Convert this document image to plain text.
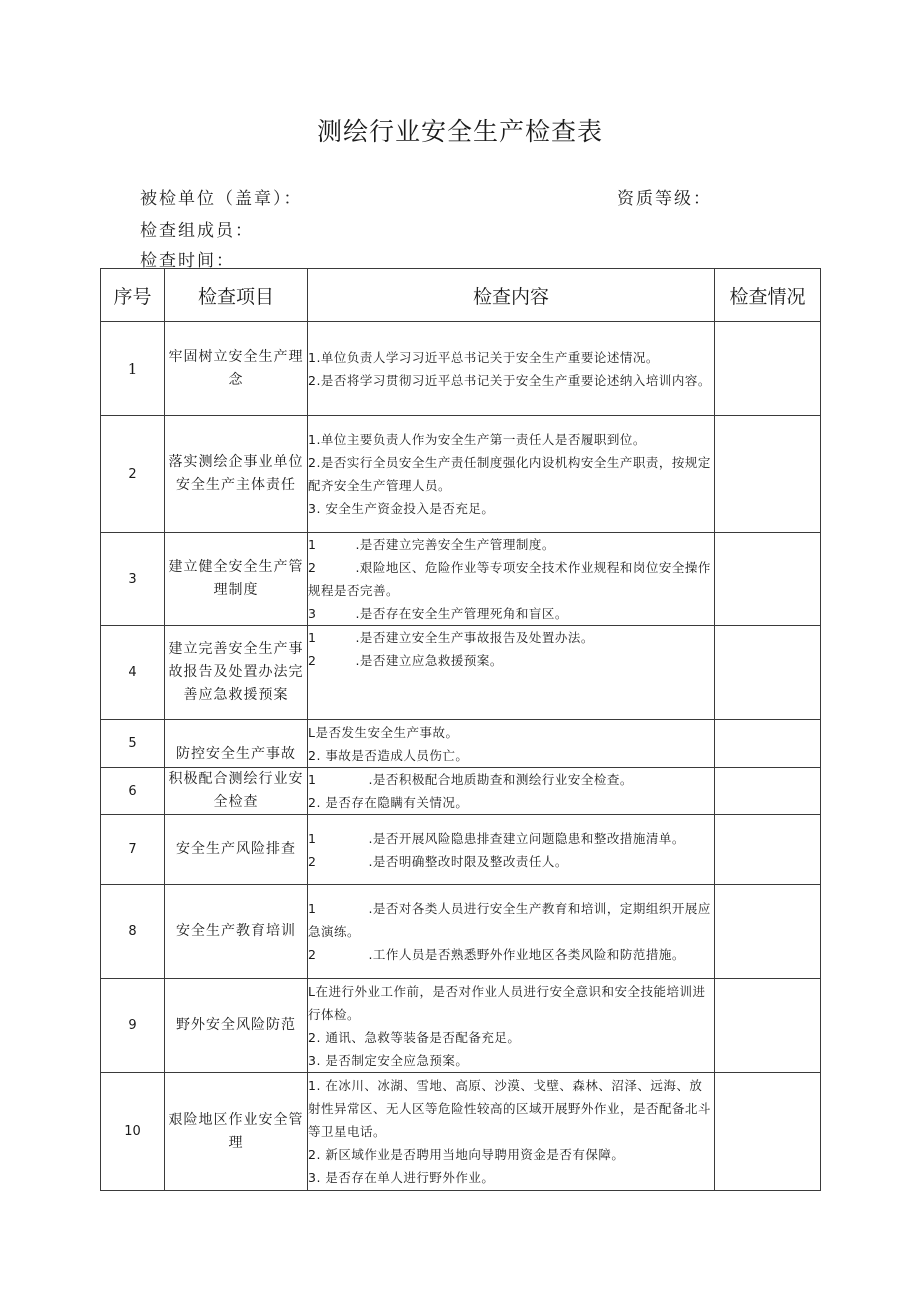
测绘行业安全生产检查表
被检单位（盖章）：	资质等级：
检查组成员：
检查时间：
序号	检查项目	检查内容	检查情况
1	牢固树立安全生产理念	1.单位负责人学习习近平总书记关于安全生产重要论述情况。
2.是否将学习贯彻习近平总书记关于安全生产重要论述纳入培训内容。	

2	落实测绘企事业单位安全生产主体责任	1.单位主要负责人作为安全生产第一责任人是否履职到位。
2.是否实行全员安全生产责任制度强化内设机构安全生产职责，按规定配齐安全生产管理人员。
3. 安全生产资金投入是否充足。	

3	建立健全安全生产管理制度	1　　　.是否建立完善安全生产管理制度。
2　　　.艰险地区、危险作业等专项安全技术作业规程和岗位安全操作规程是否完善。
3　　　.是否存在安全生产管理死角和盲区。	

4	建立完善安全生产事故报告及处置办法完善应急救援预案	1　　　.是否建立安全生产事故报告及处置办法。
2　　　.是否建立应急救援预案。	

5	防控安全生产事故	L是否发生安全生产事故。
2. 事故是否造成人员伤亡。	

6	积极配合测绘行业安全检查	1　　　　.是否积极配合地质勘查和测绘行业安全检查。
2. 是否存在隐瞒有关情况。	

7	安全生产风险排查	1　　　　.是否开展风险隐患排查建立问题隐患和整改措施清单。
2　　　　.是否明确整改时限及整改责任人。	

8	安全生产教育培训	1　　　　.是否对各类人员进行安全生产教育和培训，定期组织开展应急演练。
2　　　　.工作人员是否熟悉野外作业地区各类风险和防范措施。	

9	野外安全风险防范	L在进行外业工作前，是否对作业人员进行安全意识和安全技能培训进行体检。
2. 通讯、急救等装备是否配备充足。
3. 是否制定安全应急预案。	

10	艰险地区作业安全管理	1. 在冰川、冰湖、雪地、高原、沙漠、戈壁、森林、沼泽、远海、放射性异常区、无人区等危险性较高的区域开展野外作业，是否配备北斗等卫星电话。
2. 新区域作业是否聘用当地向导聘用资金是否有保障。
3. 是否存在单人进行野外作业。	
